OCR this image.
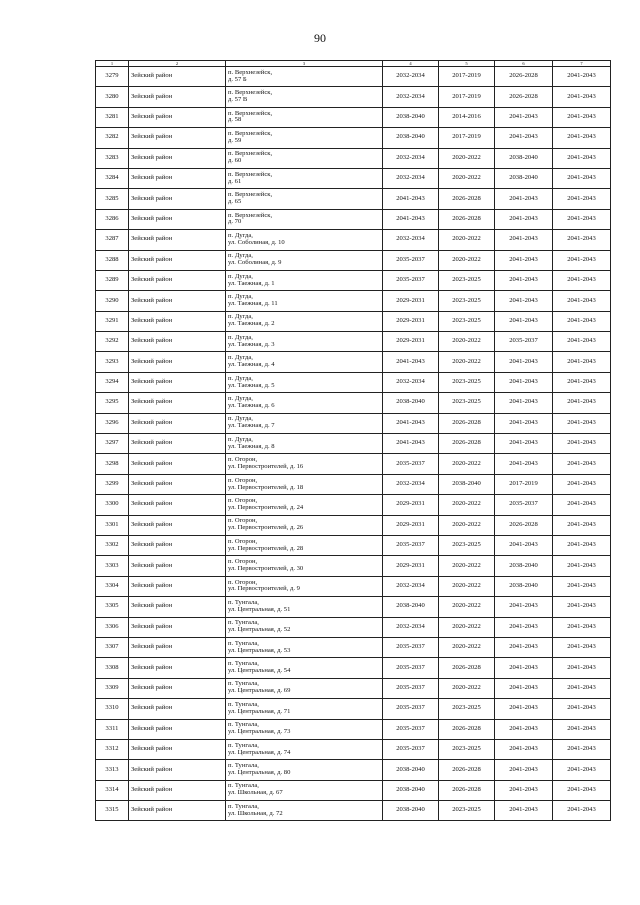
90
1	2	3	4	5	6	7
3279	Зейский район	п. Верхнезейск,
д. 57 Б	2032-2034	2017-2019	2026-2028	2041-2043
3280	Зейский район	п. Верхнезейск,
д. 57 В	2032-2034	2017-2019	2026-2028	2041-2043
3281	Зейский район	п. Верхнезейск,
д. 58	2038-2040	2014-2016	2041-2043	2041-2043
3282	Зейский район	п. Верхнезейск,
д. 59	2038-2040	2017-2019	2041-2043	2041-2043
3283	Зейский район	п. Верхнезейск,
д. 60	2032-2034	2020-2022	2038-2040	2041-2043
3284	Зейский район	п. Верхнезейск,
д. 61	2032-2034	2020-2022	2038-2040	2041-2043
3285	Зейский район	п. Верхнезейск,
д. 65	2041-2043	2026-2028	2041-2043	2041-2043
3286	Зейский район	п. Верхнезейск,
д. 70	2041-2043	2026-2028	2041-2043	2041-2043
3287	Зейский район	п. Дугда,
ул. Соболиная, д. 10	2032-2034	2020-2022	2041-2043	2041-2043
3288	Зейский район	п. Дугда,
ул. Соболиная, д. 9	2035-2037	2020-2022	2041-2043	2041-2043
3289	Зейский район	п. Дугда,
ул. Таежная, д. 1	2035-2037	2023-2025	2041-2043	2041-2043
3290	Зейский район	п. Дугда,
ул. Таежная, д. 11	2029-2031	2023-2025	2041-2043	2041-2043
3291	Зейский район	п. Дугда,
ул. Таежная, д. 2	2029-2031	2023-2025	2041-2043	2041-2043
3292	Зейский район	п. Дугда,
ул. Таежная, д. 3	2029-2031	2020-2022	2035-2037	2041-2043
3293	Зейский район	п. Дугда,
ул. Таежная, д. 4	2041-2043	2020-2022	2041-2043	2041-2043
3294	Зейский район	п. Дугда,
ул. Таежная, д. 5	2032-2034	2023-2025	2041-2043	2041-2043
3295	Зейский район	п. Дугда,
ул. Таежная, д. 6	2038-2040	2023-2025	2041-2043	2041-2043
3296	Зейский район	п. Дугда,
ул. Таежная, д. 7	2041-2043	2026-2028	2041-2043	2041-2043
3297	Зейский район	п. Дугда,
ул. Таежная, д. 8	2041-2043	2026-2028	2041-2043	2041-2043
3298	Зейский район	п. Огорон,
ул. Первостроителей, д. 16	2035-2037	2020-2022	2041-2043	2041-2043
3299	Зейский район	п. Огорон,
ул. Первостроителей, д. 18	2032-2034	2038-2040	2017-2019	2041-2043
3300	Зейский район	п. Огорон,
ул. Первостроителей, д. 24	2029-2031	2020-2022	2035-2037	2041-2043
3301	Зейский район	п. Огорон,
ул. Первостроителей, д. 26	2029-2031	2020-2022	2026-2028	2041-2043
3302	Зейский район	п. Огорон,
ул. Первостроителей, д. 28	2035-2037	2023-2025	2041-2043	2041-2043
3303	Зейский район	п. Огорон,
ул. Первостроителей, д. 30	2029-2031	2020-2022	2038-2040	2041-2043
3304	Зейский район	п. Огорон,
ул. Первостроителей, д. 9	2032-2034	2020-2022	2038-2040	2041-2043
3305	Зейский район	п. Тунгала,
ул. Центральная, д. 51	2038-2040	2020-2022	2041-2043	2041-2043
3306	Зейский район	п. Тунгала,
ул. Центральная, д. 52	2032-2034	2020-2022	2041-2043	2041-2043
3307	Зейский район	п. Тунгала,
ул. Центральная, д. 53	2035-2037	2020-2022	2041-2043	2041-2043
3308	Зейский район	п. Тунгала,
ул. Центральная, д. 54	2035-2037	2026-2028	2041-2043	2041-2043
3309	Зейский район	п. Тунгала,
ул. Центральная, д. 69	2035-2037	2020-2022	2041-2043	2041-2043
3310	Зейский район	п. Тунгала,
ул. Центральная, д. 71	2035-2037	2023-2025	2041-2043	2041-2043
3311	Зейский район	п. Тунгала,
ул. Центральная, д. 73	2035-2037	2026-2028	2041-2043	2041-2043
3312	Зейский район	п. Тунгала,
ул. Центральная, д. 74	2035-2037	2023-2025	2041-2043	2041-2043
3313	Зейский район	п. Тунгала,
ул. Центральная, д. 80	2038-2040	2026-2028	2041-2043	2041-2043
3314	Зейский район	п. Тунгала,
ул. Школьная, д. 67	2038-2040	2026-2028	2041-2043	2041-2043
3315	Зейский район	п. Тунгала,
ул. Школьная, д. 72	2038-2040	2023-2025	2041-2043	2041-2043
